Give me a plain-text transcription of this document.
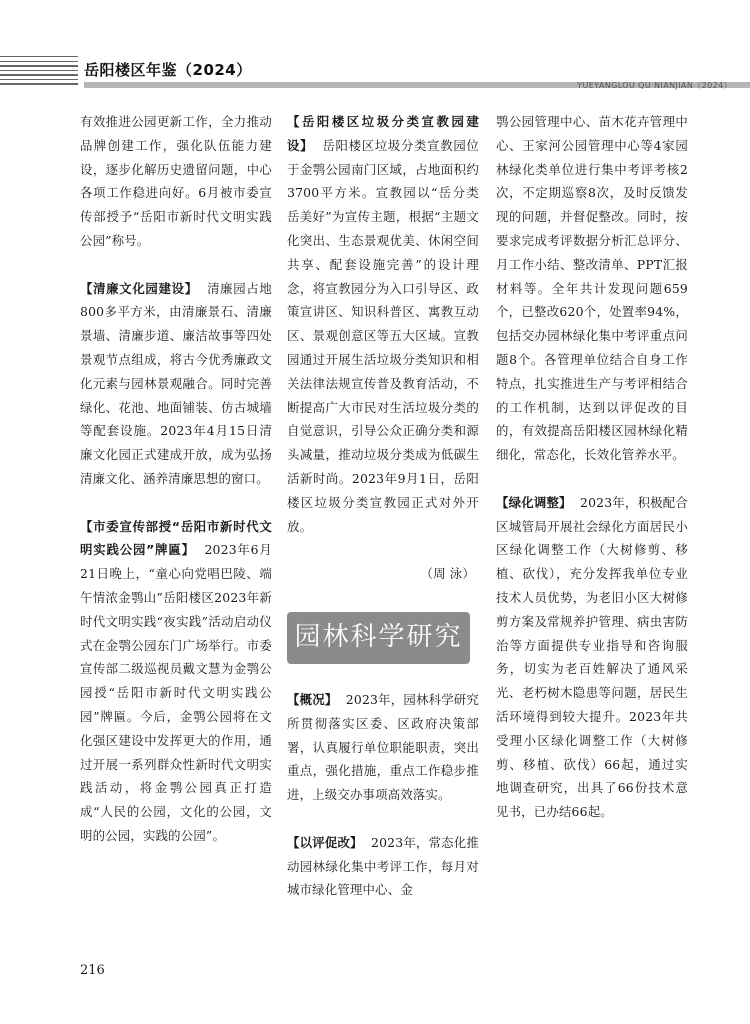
岳阳楼区年鉴（2024）
YUEYANGLOU QU NIANJIAN（2024）

有效推进公园更新工作，全力推动品牌创建工作，强化队伍能力建设，逐步化解历史遗留问题，中心各项工作稳进向好。6月被市委宣传部授予“岳阳市新时代文明实践公园”称号。

【清廉文化园建设】 清廉园占地800多平方米，由清廉景石、清廉景墙、清廉步道、廉洁故事等四处景观节点组成，将古今优秀廉政文化元素与园林景观融合。同时完善绿化、花池、地面铺装、仿古城墙等配套设施。2023年4月15日清廉文化园正式建成开放，成为弘扬清廉文化、涵养清廉思想的窗口。

【市委宣传部授“岳阳市新时代文明实践公园”牌匾】 2023年6月21日晚上，“童心向党唱巴陵、端午情浓金鹗山”岳阳楼区2023年新时代文明实践“夜实践”活动启动仪式在金鹗公园东门广场举行。市委宣传部二级巡视员戴文慧为金鹗公园授“岳阳市新时代文明实践公园”牌匾。今后，金鹗公园将在文化强区建设中发挥更大的作用，通过开展一系列群众性新时代文明实践活动，将金鹗公园真正打造成“人民的公园，文化的公园，文明的公园，实践的公园”。

【岳阳楼区垃圾分类宣教园建设】 岳阳楼区垃圾分类宣教园位于金鹗公园南门区域，占地面积约3700平方米。宣教园以“岳分类 岳美好”为宣传主题，根据“主题文化突出、生态景观优美、休闲空间共享、配套设施完善”的设计理念，将宣教园分为入口引导区、政策宣讲区、知识科普区、寓教互动区、景观创意区等五大区域。宣教园通过开展生活垃圾分类知识和相关法律法规宣传普及教育活动，不断提高广大市民对生活垃圾分类的自觉意识，引导公众正确分类和源头减量，推动垃圾分类成为低碳生活新时尚。2023年9月1日，岳阳楼区垃圾分类宣教园正式对外开放。

（周 泳）

园林科学研究

【概况】 2023年，园林科学研究所贯彻落实区委、区政府决策部署，认真履行单位职能职责，突出重点，强化措施，重点工作稳步推进，上级交办事项高效落实。

【以评促改】 2023年，常态化推动园林绿化集中考评工作，每月对城市绿化管理中心、金

鹗公园管理中心、苗木花卉管理中心、王家河公园管理中心等4家园林绿化类单位进行集中考评考核2次，不定期巡察8次，及时反馈发现的问题，并督促整改。同时，按要求完成考评数据分析汇总评分、月工作小结、整改清单、PPT汇报材料等。全年共计发现问题659个，已整改620个，处置率94%，包括交办园林绿化集中考评重点问题8个。各管理单位结合自身工作特点，扎实推进生产与考评相结合的工作机制，达到以评促改的目的，有效提高岳阳楼区园林绿化精细化，常态化，长效化管养水平。

【绿化调整】 2023年，积极配合区城管局开展社会绿化方面居民小区绿化调整工作（大树修剪、移植、砍伐），充分发挥我单位专业技术人员优势，为老旧小区大树修剪方案及常规养护管理、病虫害防治等方面提供专业指导和咨询服务，切实为老百姓解决了通风采光、老朽树木隐患等问题，居民生活环境得到较大提升。2023年共受理小区绿化调整工作（大树修剪、移植、砍伐）66起，通过实地调查研究，出具了66份技术意见书，已办结66起。

216
